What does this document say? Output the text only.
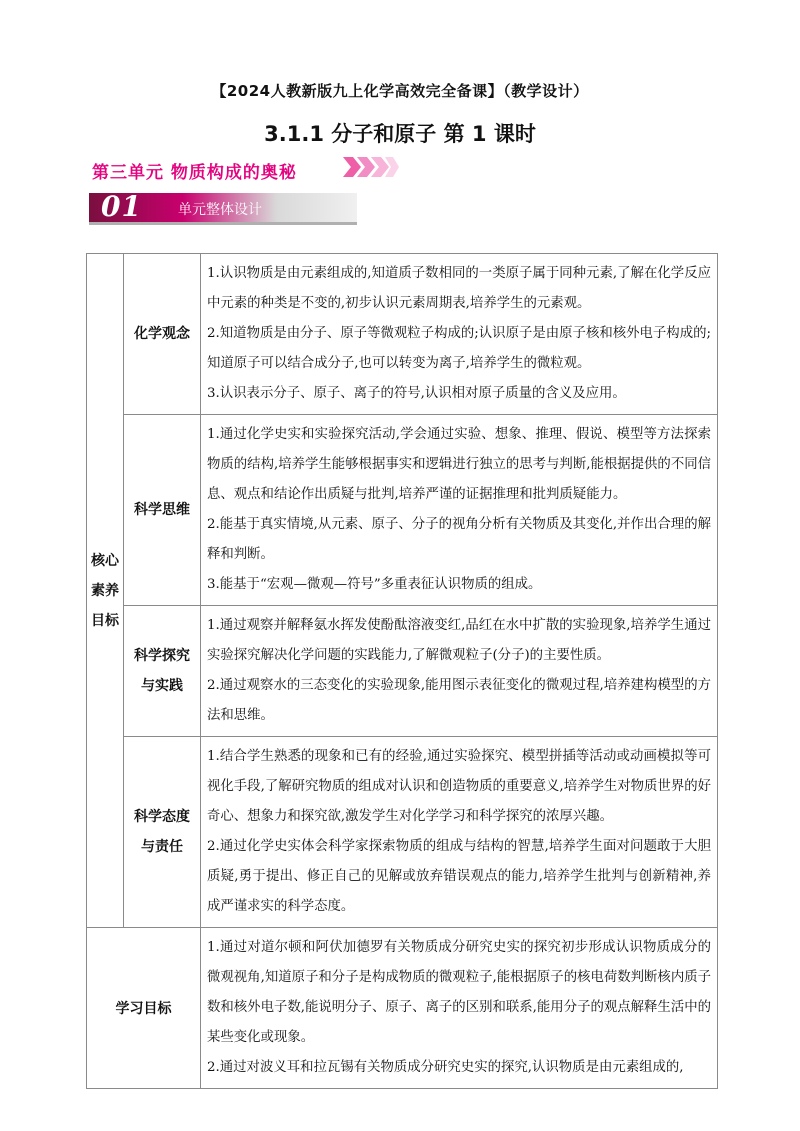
【2024人教新版九上化学高效完全备课】（教学设计）
3.1.1 分子和原子 第 1 课时
第三单元 物质构成的奥秘
01	单元整体设计
核心
素养
目标	化学观念	1.认识物质是由元素组成的,知道质子数相同的一类原子属于同种元素,了解在化学反应中元素的种类是不变的,初步认识元素周期表,培养学生的元素观。
2.知道物质是由分子、原子等微观粒子构成的;认识原子是由原子核和核外电子构成的;知道原子可以结合成分子,也可以转变为离子,培养学生的微粒观。
3.认识表示分子、原子、离子的符号,认识相对原子质量的含义及应用。

	科学思维	1.通过化学史实和实验探究活动,学会通过实验、想象、推理、假说、模型等方法探索物质的结构,培养学生能够根据事实和逻辑进行独立的思考与判断,能根据提供的不同信息、观点和结论作出质疑与批判,培养严谨的证据推理和批判质疑能力。
2.能基于真实情境,从元素、原子、分子的视角分析有关物质及其变化,并作出合理的解释和判断。
3.能基于“宏观—微观—符号”多重表征认识物质的组成。

	科学探究
与实践	1.通过观察并解释氨水挥发使酚酞溶液变红,品红在水中扩散的实验现象,培养学生通过实验探究解决化学问题的实践能力,了解微观粒子(分子)的主要性质。
2.通过观察水的三态变化的实验现象,能用图示表征变化的微观过程,培养建构模型的方法和思维。

	科学态度
与责任	1.结合学生熟悉的现象和已有的经验,通过实验探究、模型拼插等活动或动画模拟等可视化手段,了解研究物质的组成对认识和创造物质的重要意义,培养学生对物质世界的好奇心、想象力和探究欲,激发学生对化学学习和科学探究的浓厚兴趣。
2.通过化学史实体会科学家探索物质的组成与结构的智慧,培养学生面对问题敢于大胆质疑,勇于提出、修正自己的见解或放弃错误观点的能力,培养学生批判与创新精神,养成严谨求实的科学态度。

学习目标		1.通过对道尔顿和阿伏加德罗有关物质成分研究史实的探究初步形成认识物质成分的微观视角,知道原子和分子是构成物质的微观粒子,能根据原子的核电荷数判断核内质子数和核外电子数,能说明分子、原子、离子的区别和联系,能用分子的观点解释生活中的某些变化或现象。
2.通过对波义耳和拉瓦锡有关物质成分研究史实的探究,认识物质是由元素组成的,
